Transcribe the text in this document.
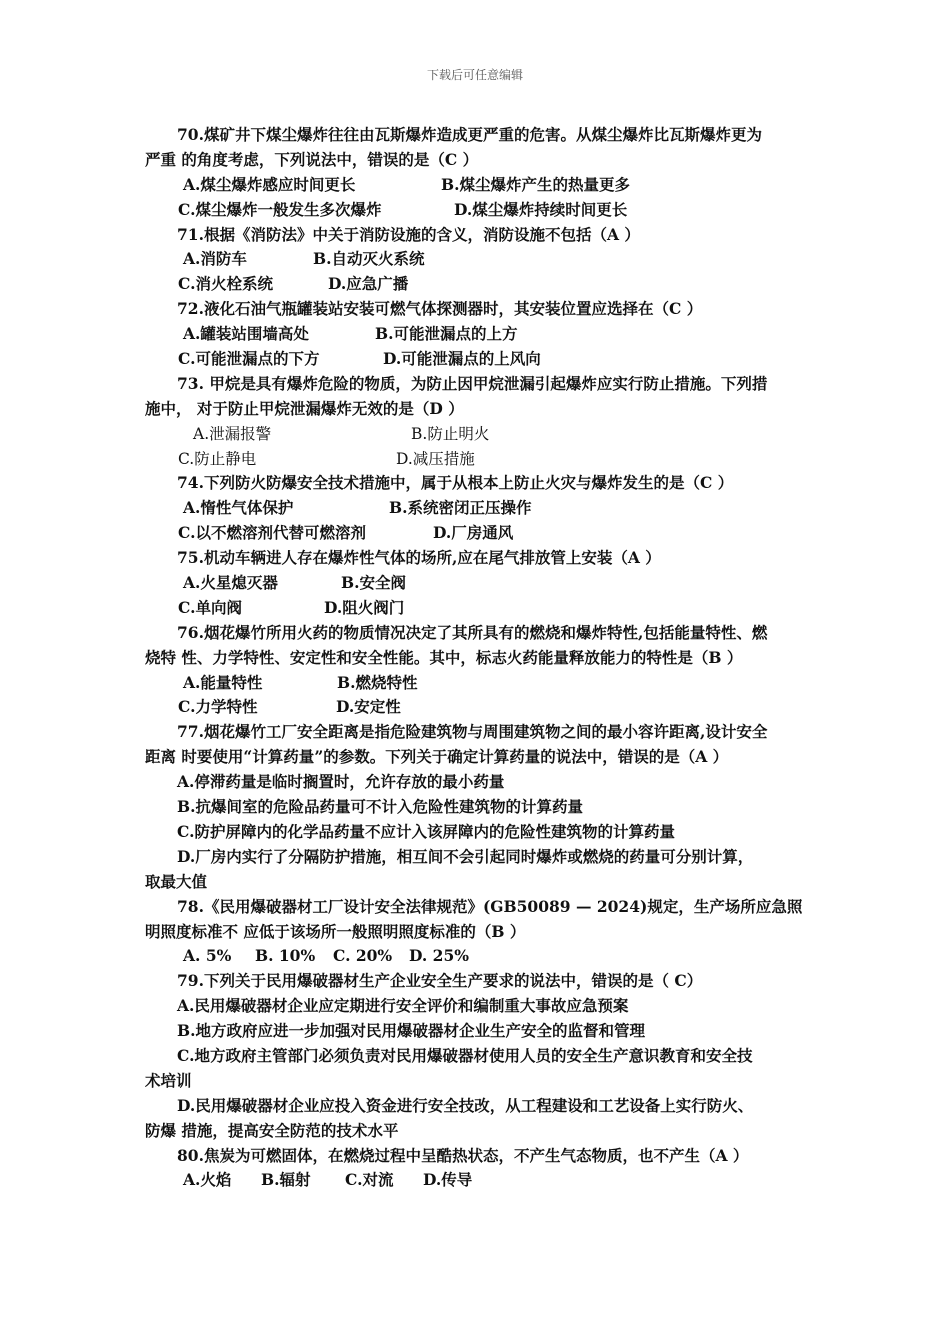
下载后可任意编辑
70.煤矿井下煤尘爆炸往往由瓦斯爆炸造成更严重的危害。从煤尘爆炸比瓦斯爆炸更为
严重 的角度考虑，下列说法中，错误的是（C ）
A.煤尘爆炸感应时间更长	B.煤尘爆炸产生的热量更多
C.煤尘爆炸一般发生多次爆炸	D.煤尘爆炸持续时间更长
71.根据《消防法》中关于消防设施的含义，消防设施不包括（A ）
A.消防车	B.自动灭火系统
C.消火栓系统	D.应急广播
72.液化石油气瓶罐装站安装可燃气体探测器时，其安装位置应选择在（C ）
A.罐装站围墙高处	B.可能泄漏点的上方
C.可能泄漏点的下方	D.可能泄漏点的上风向
73. 甲烷是具有爆炸危险的物质，为防止因甲烷泄漏引起爆炸应实行防止措施。下列措
施中， 对于防止甲烷泄漏爆炸无效的是（D ）
A.泄漏报警	B.防止明火
C.防止静电	D.减压措施
74.下列防火防爆安全技术措施中，属于从根本上防止火灾与爆炸发生的是（C ）
A.惰性气体保护	B.系统密闭正压操作
C.以不燃溶剂代替可燃溶剂	D.厂房通风
75.机动车辆进人存在爆炸性气体的场所,应在尾气排放管上安装（A ）
A.火星熄灭器	B.安全阀
C.单向阀	D.阻火阀门
76.烟花爆竹所用火药的物质情况决定了其所具有的燃烧和爆炸特性,包括能量特性、燃
烧特 性、力学特性、安定性和安全性能。其中，标志火药能量释放能力的特性是（B ）
A.能量特性	B.燃烧特性
C.力学特性	D.安定性
77.烟花爆竹工厂安全距离是指危险建筑物与周围建筑物之间的最小容许距离,设计安全
距离 时要使用“计算药量”的参数。下列关于确定计算药量的说法中，错误的是（A ）
A.停滞药量是临时搁置时，允许存放的最小药量
B.抗爆间室的危险品药量可不计入危险性建筑物的计算药量
C.防护屏障内的化学品药量不应计入该屏障内的危险性建筑物的计算药量
D.厂房内实行了分隔防护措施，相互间不会引起同时爆炸或燃烧的药量可分别计算，
取最大值
78.《民用爆破器材工厂设计安全法律规范》(GB50089 — 2024)规定，生产场所应急照
明照度标准不 应低于该场所一般照明照度标准的（B ）
A. 5% B. 10% C. 20% D. 25%
79.下列关于民用爆破器材生产企业安全生产要求的说法中，错误的是（ C）
A.民用爆破器材企业应定期进行安全评价和编制重大事故应急预案
B.地方政府应进一步加强对民用爆破器材企业生产安全的监督和管理
C.地方政府主管部门必须负责对民用爆破器材使用人员的安全生产意识教育和安全技
术培训
D.民用爆破器材企业应投入资金进行安全技改，从工程建设和工艺设备上实行防火、
防爆 措施，提高安全防范的技术水平
80.焦炭为可燃固体，在燃烧过程中呈酷热状态，不产生气态物质，也不产生（A ）
A.火焰 B.辐射 C.对流 D.传导
